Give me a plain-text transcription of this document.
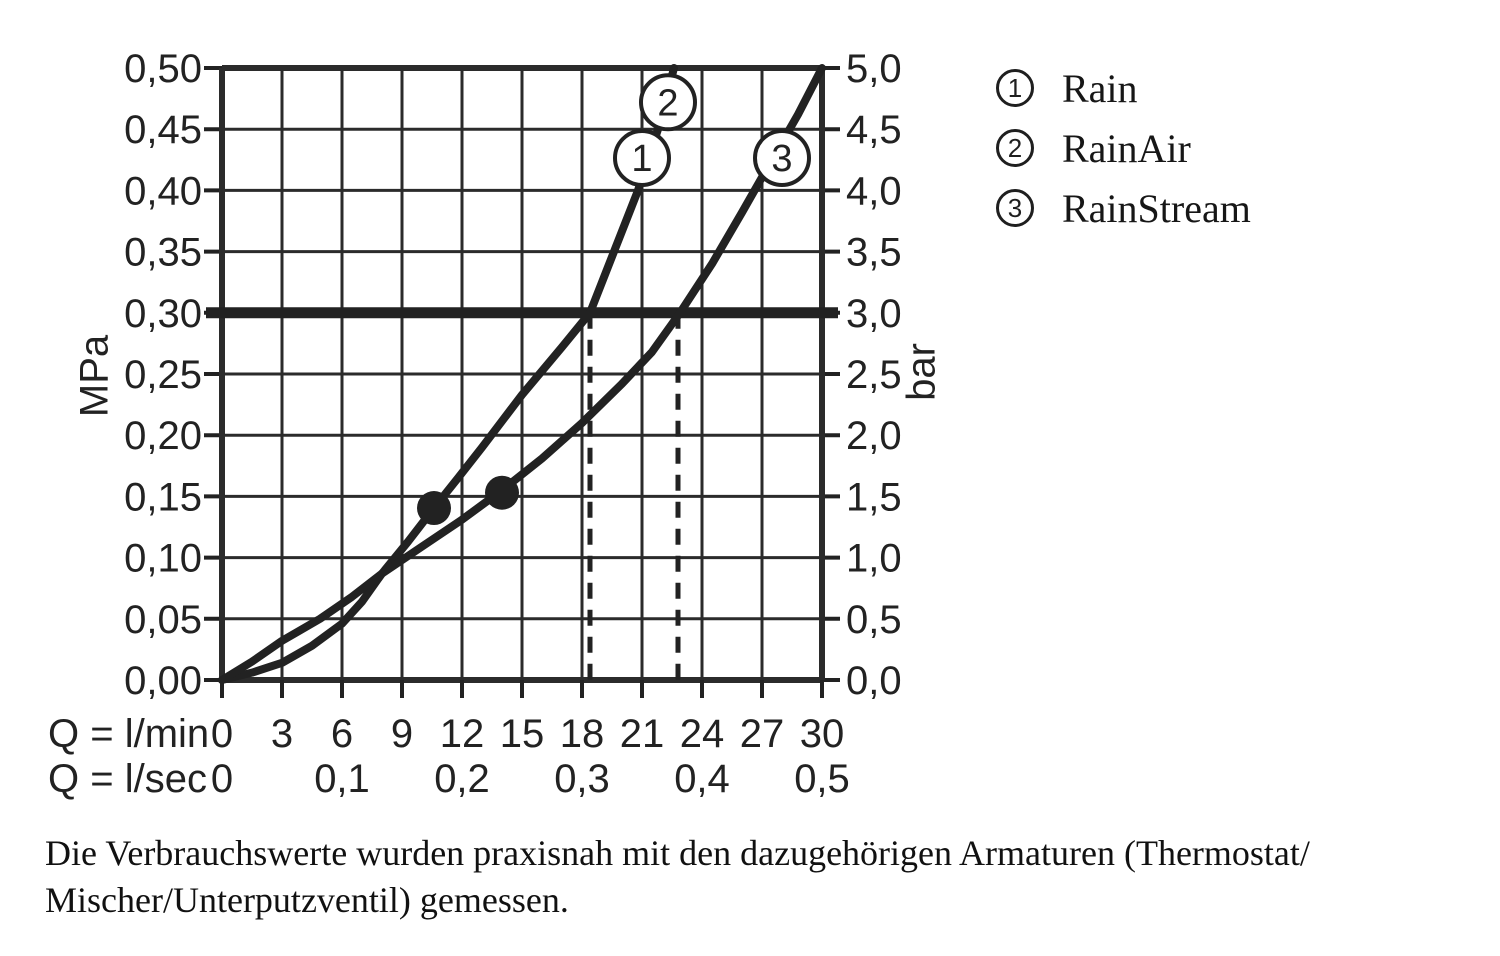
0,50	5,0
0,45	4,5
0,40	4,0
0,35	3,5
0,30	3,0
0,25	2,5
0,20	2,0
0,15	1,5
0,10	1,0
0,05	0,5
0,00	0,0
0 3 6 9 12 15 18 21 24 27 30
0 0,1 0,2 0,3 0,4 0,5
Q = l/min
Q = l/sec
1
2
3
MPa	bar
1 Rain
2 RainAir
3 RainStream
Die Verbrauchswerte wurden praxisnah mit den dazugehörigen Armaturen (Thermostat/
Mischer/Unterputzventil) gemessen.
